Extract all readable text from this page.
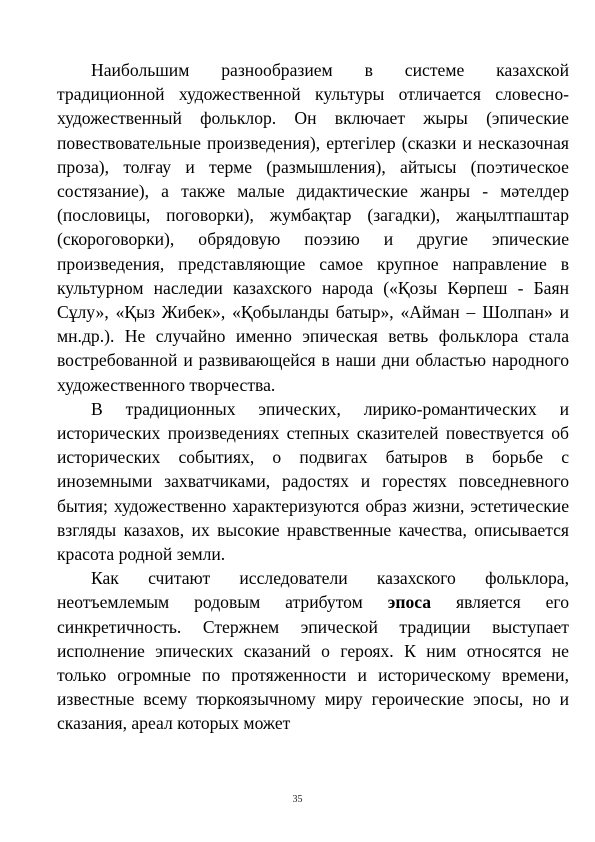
Наибольшим разнообразием в системе казахской традиционной художественной культуры отличается словесно-художественный фольклор. Он включает жыры (эпические повествовательные произведения), ертегiлер (сказки и несказочная проза), толғау и терме (размышления), айтысы (поэтическое состязание), а также малые дидактические жанры - мәтелдер (пословицы, поговорки), жумбақтар (загадки), жаңылтпаштар (скороговорки), обрядовую поэзию и другие эпические произведения, представляющие самое крупное направление в культурном наследии казахского народа («Қозы Көрпеш - Баян Сұлу», «Қыз Жибек», «Қобыланды батыр», «Айман – Шолпан» и мн.др.). Не случайно именно эпическая ветвь фольклора стала востребованной и развивающейся в наши дни областью народного художественного творчества.

В традиционных эпических, лирико-романтических и исторических произведениях степных сказителей повествуется об исторических событиях, о подвигах батыров в борьбе с иноземными захватчиками, радостях и горестях повседневного бытия; художественно характеризуются образ жизни, эстетические взгляды казахов, их высокие нравственные качества, описывается красота родной земли.

Как считают исследователи казахского фольклора, неотъемлемым родовым атрибутом эпоса является его синкретичность. Стержнем эпической традиции выступает исполнение эпических сказаний о героях. К ним относятся не только огромные по протяженности и историческому времени, известные всему тюркоязычному миру героические эпосы, но и сказания, ареал которых может

35
